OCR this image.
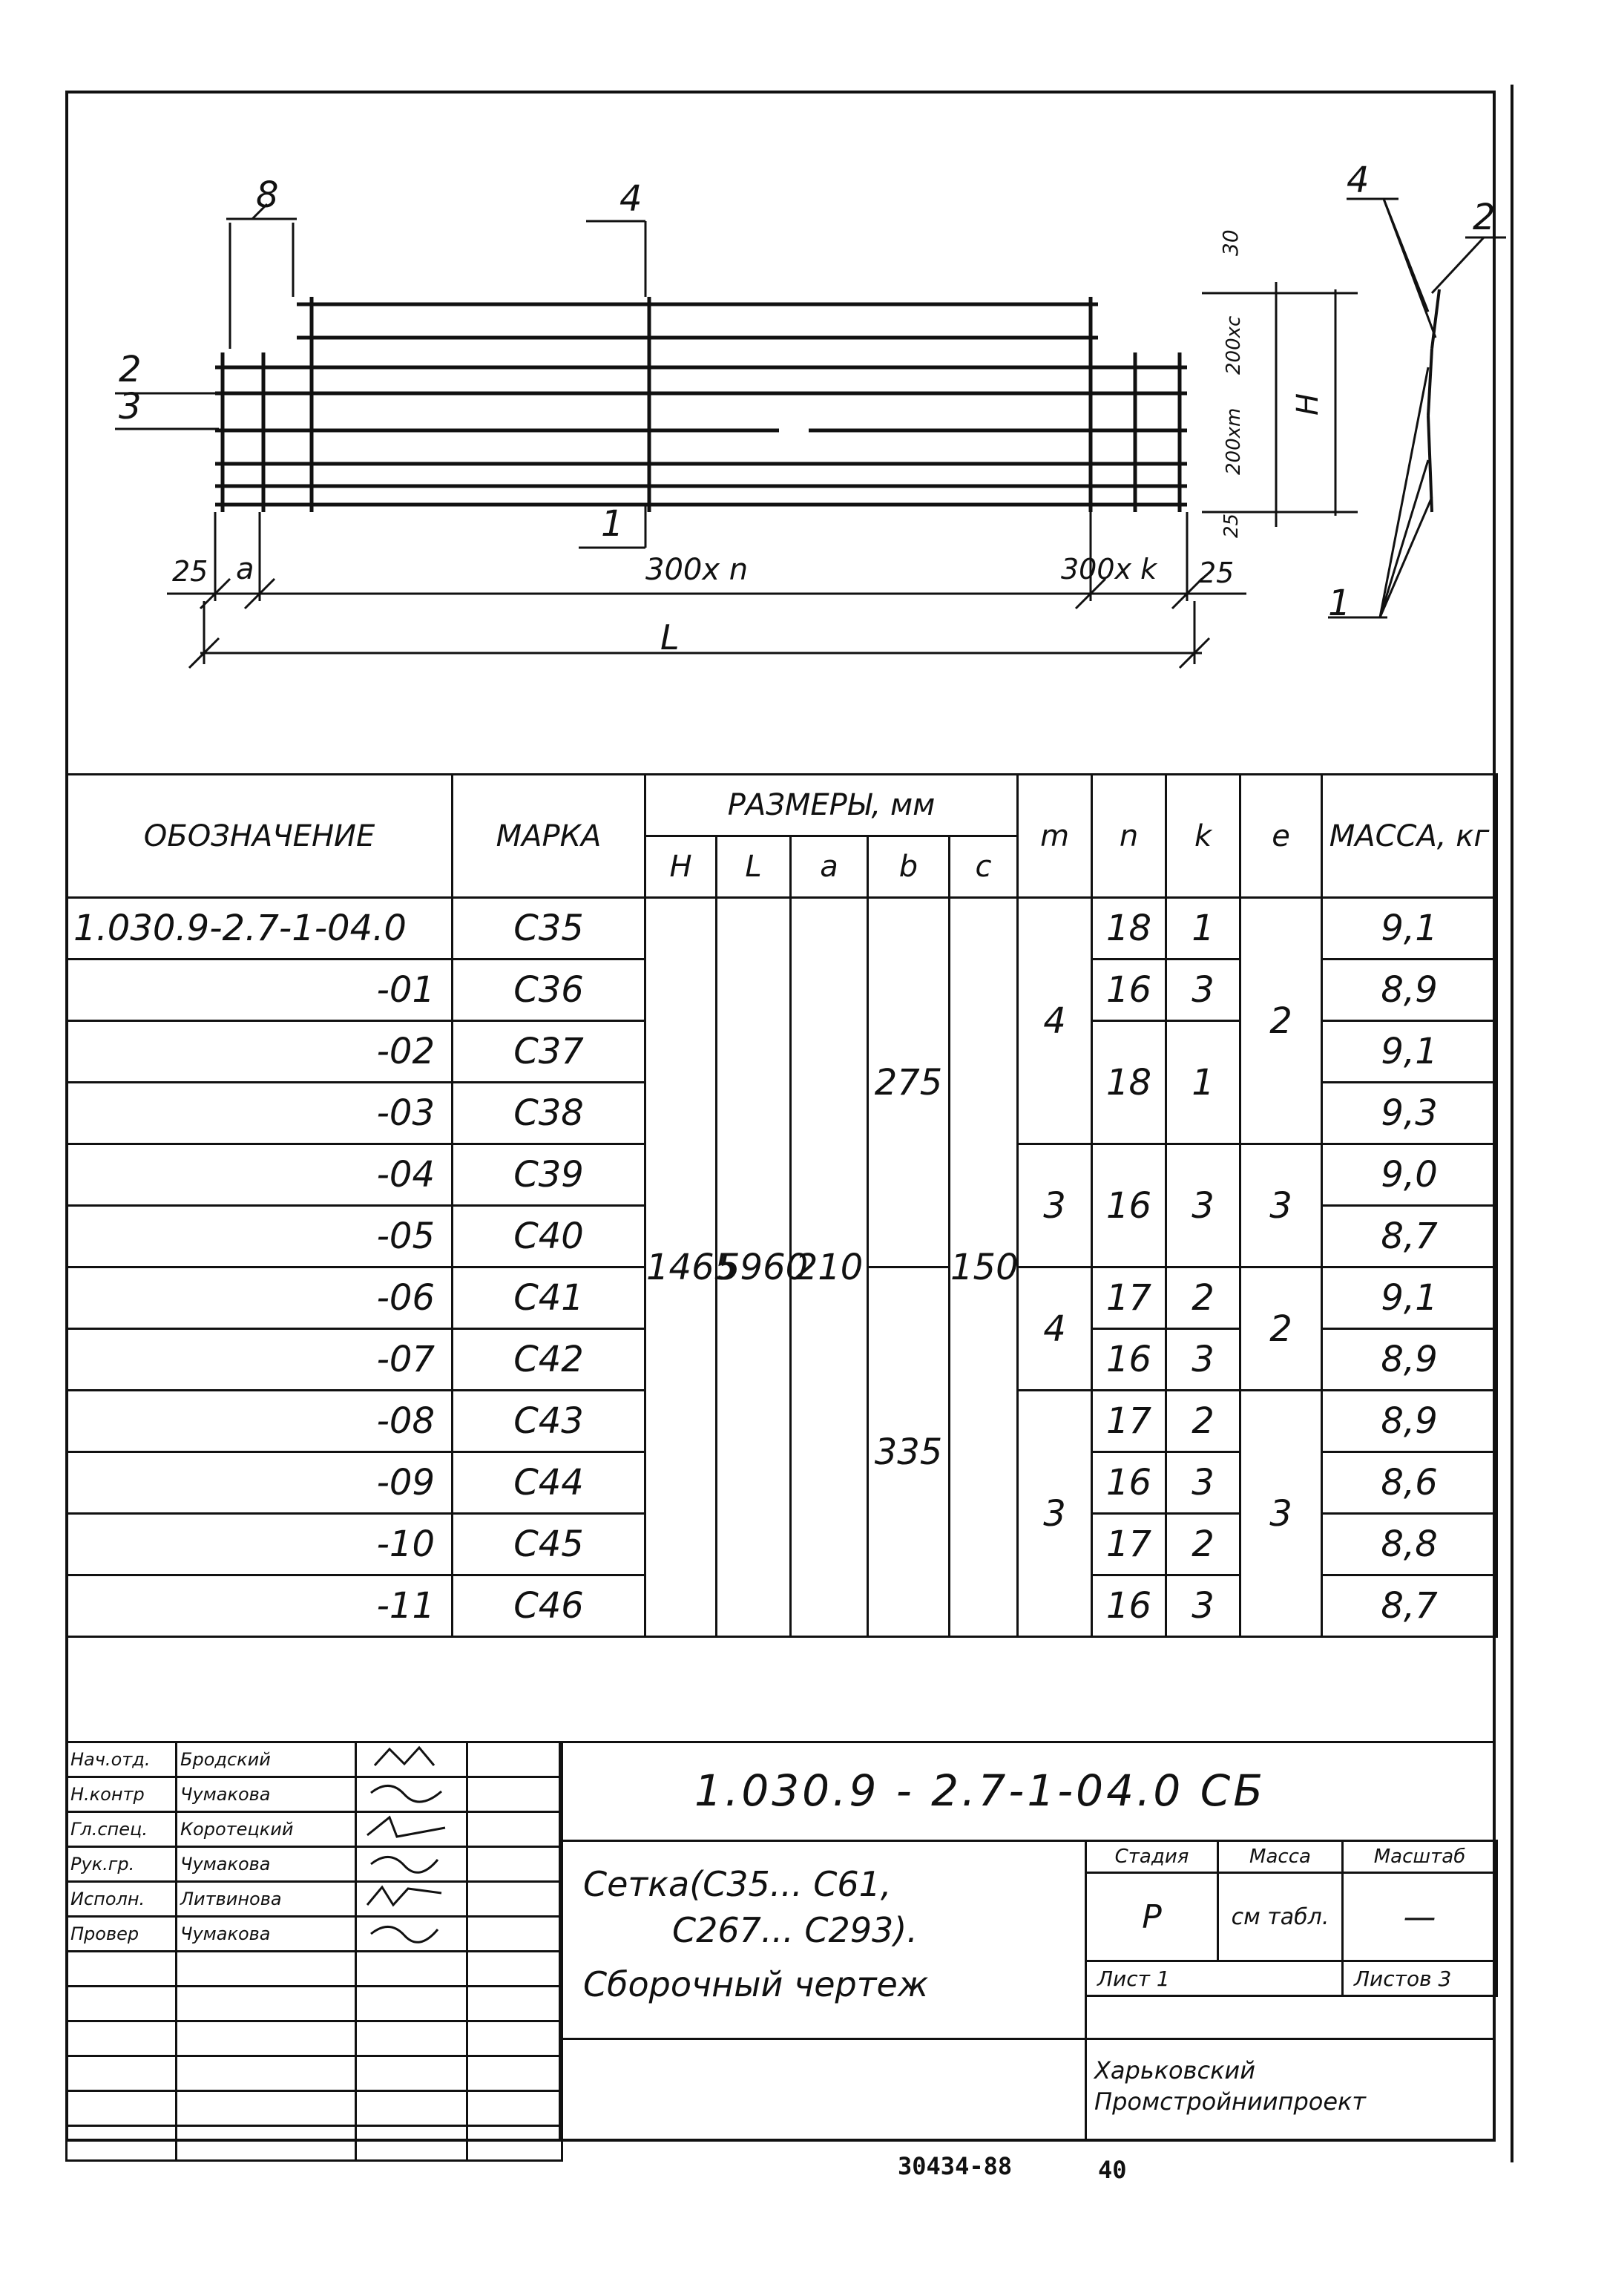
8	4
2
3
1
25 a	300x n	300x k 25
L
30
200xc
200xm
25
H
4
2
1
ОБОЗНАЧЕНИЕ	МАРКА	РАЗМЕРЫ, мм					m	n	k	e	МАССА, кг
		H	L	a	b	c					
1.030.9-2.7-1-04.0	С35	1465	5960	210	275	150	4	18	1	2	9,1
-01	С36							16	3		8,9
-02	С37							18	1		9,1
-03	С38										9,3
-04	С39						3	16	3	3	9,0
-05	С40										8,7
-06	С41				335		4	17	2	2	9,1
-07	С42							16	3		8,9
-08	С43						3	17	2	3	8,9
-09	С44							16	3		8,6
-10	С45							17	2		8,8
-11	С46							16	3		8,7
Нач.отд.	Бродский		
Н.контр	Чумакова		
Гл.спец.	Коротецкий		
Рук.гр.	Чумакова		
Исполн.	Литвинова		
Провер	Чумакова		

1.030.9 - 2.7-1-04.0 СБ
Сетка(С35... С61,
С267... С293).
Сборочный чертеж
Стадия	Масса	Масштаб
Р	см табл.	—
Лист 1		Листов 3
Харьковский
Промстройниипроект
30434-88	40
